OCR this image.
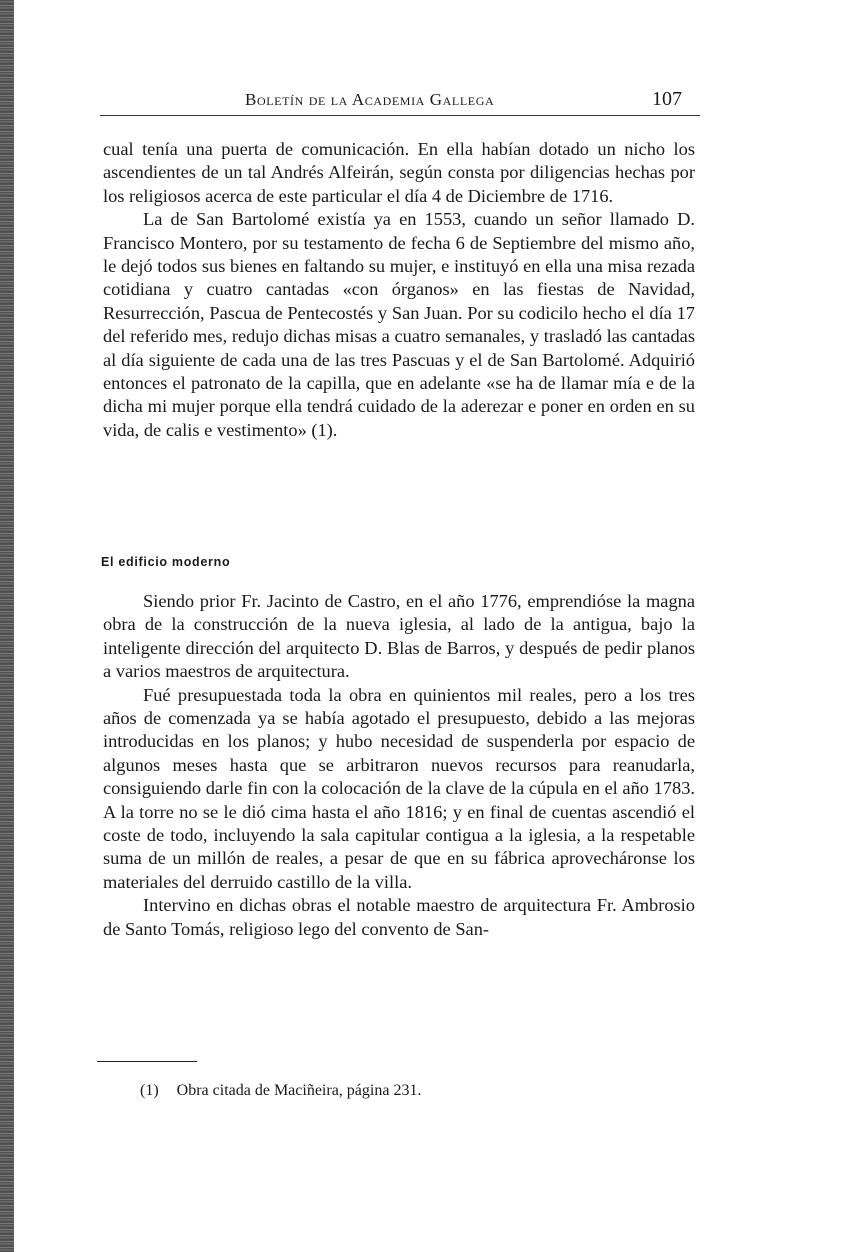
Boletín de la Academia Gallega	107

cual tenía una puerta de comunicación. En ella habían dotado un nicho los ascendientes de un tal Andrés Alfeirán, según consta por diligencias hechas por los religiosos acerca de este particular el día 4 de Diciembre de 1716.

La de San Bartolomé existía ya en 1553, cuando un señor llamado D. Francisco Montero, por su testamento de fecha 6 de Septiembre del mismo año, le dejó todos sus bienes en faltando su mujer, e instituyó en ella una misa rezada cotidiana y cuatro cantadas «con órganos» en las fiestas de Navidad, Resurrección, Pascua de Pentecostés y San Juan. Por su codicilo hecho el día 17 del referido mes, redujo dichas misas a cuatro semanales, y trasladó las cantadas al día siguiente de cada una de las tres Pascuas y el de San Bartolomé. Adquirió entonces el patronato de la capilla, que en adelante «se ha de llamar mía e de la dicha mi mujer porque ella tendrá cuidado de la aderezar e poner en orden en su vida, de calis e vestimento» (1).

El edificio moderno

Siendo prior Fr. Jacinto de Castro, en el año 1776, emprendióse la magna obra de la construcción de la nueva iglesia, al lado de la antigua, bajo la inteligente dirección del arquitecto D. Blas de Barros, y después de pedir planos a varios maestros de arquitectura.

Fué presupuestada toda la obra en quinientos mil reales, pero a los tres años de comenzada ya se había agotado el presupuesto, debido a las mejoras introducidas en los planos; y hubo necesidad de suspenderla por espacio de algunos meses hasta que se arbitraron nuevos recursos para reanudarla, consiguiendo darle fin con la colocación de la clave de la cúpula en el año 1783. A la torre no se le dió cima hasta el año 1816; y en final de cuentas ascendió el coste de todo, incluyendo la sala capitular contigua a la iglesia, a la respetable suma de un millón de reales, a pesar de que en su fábrica aprovecháronse los materiales del derruido castillo de la villa.

Intervino en dichas obras el notable maestro de arquitectura Fr. Ambrosio de Santo Tomás, religioso lego del convento de San-

(1) Obra citada de Maciñeira, página 231.
